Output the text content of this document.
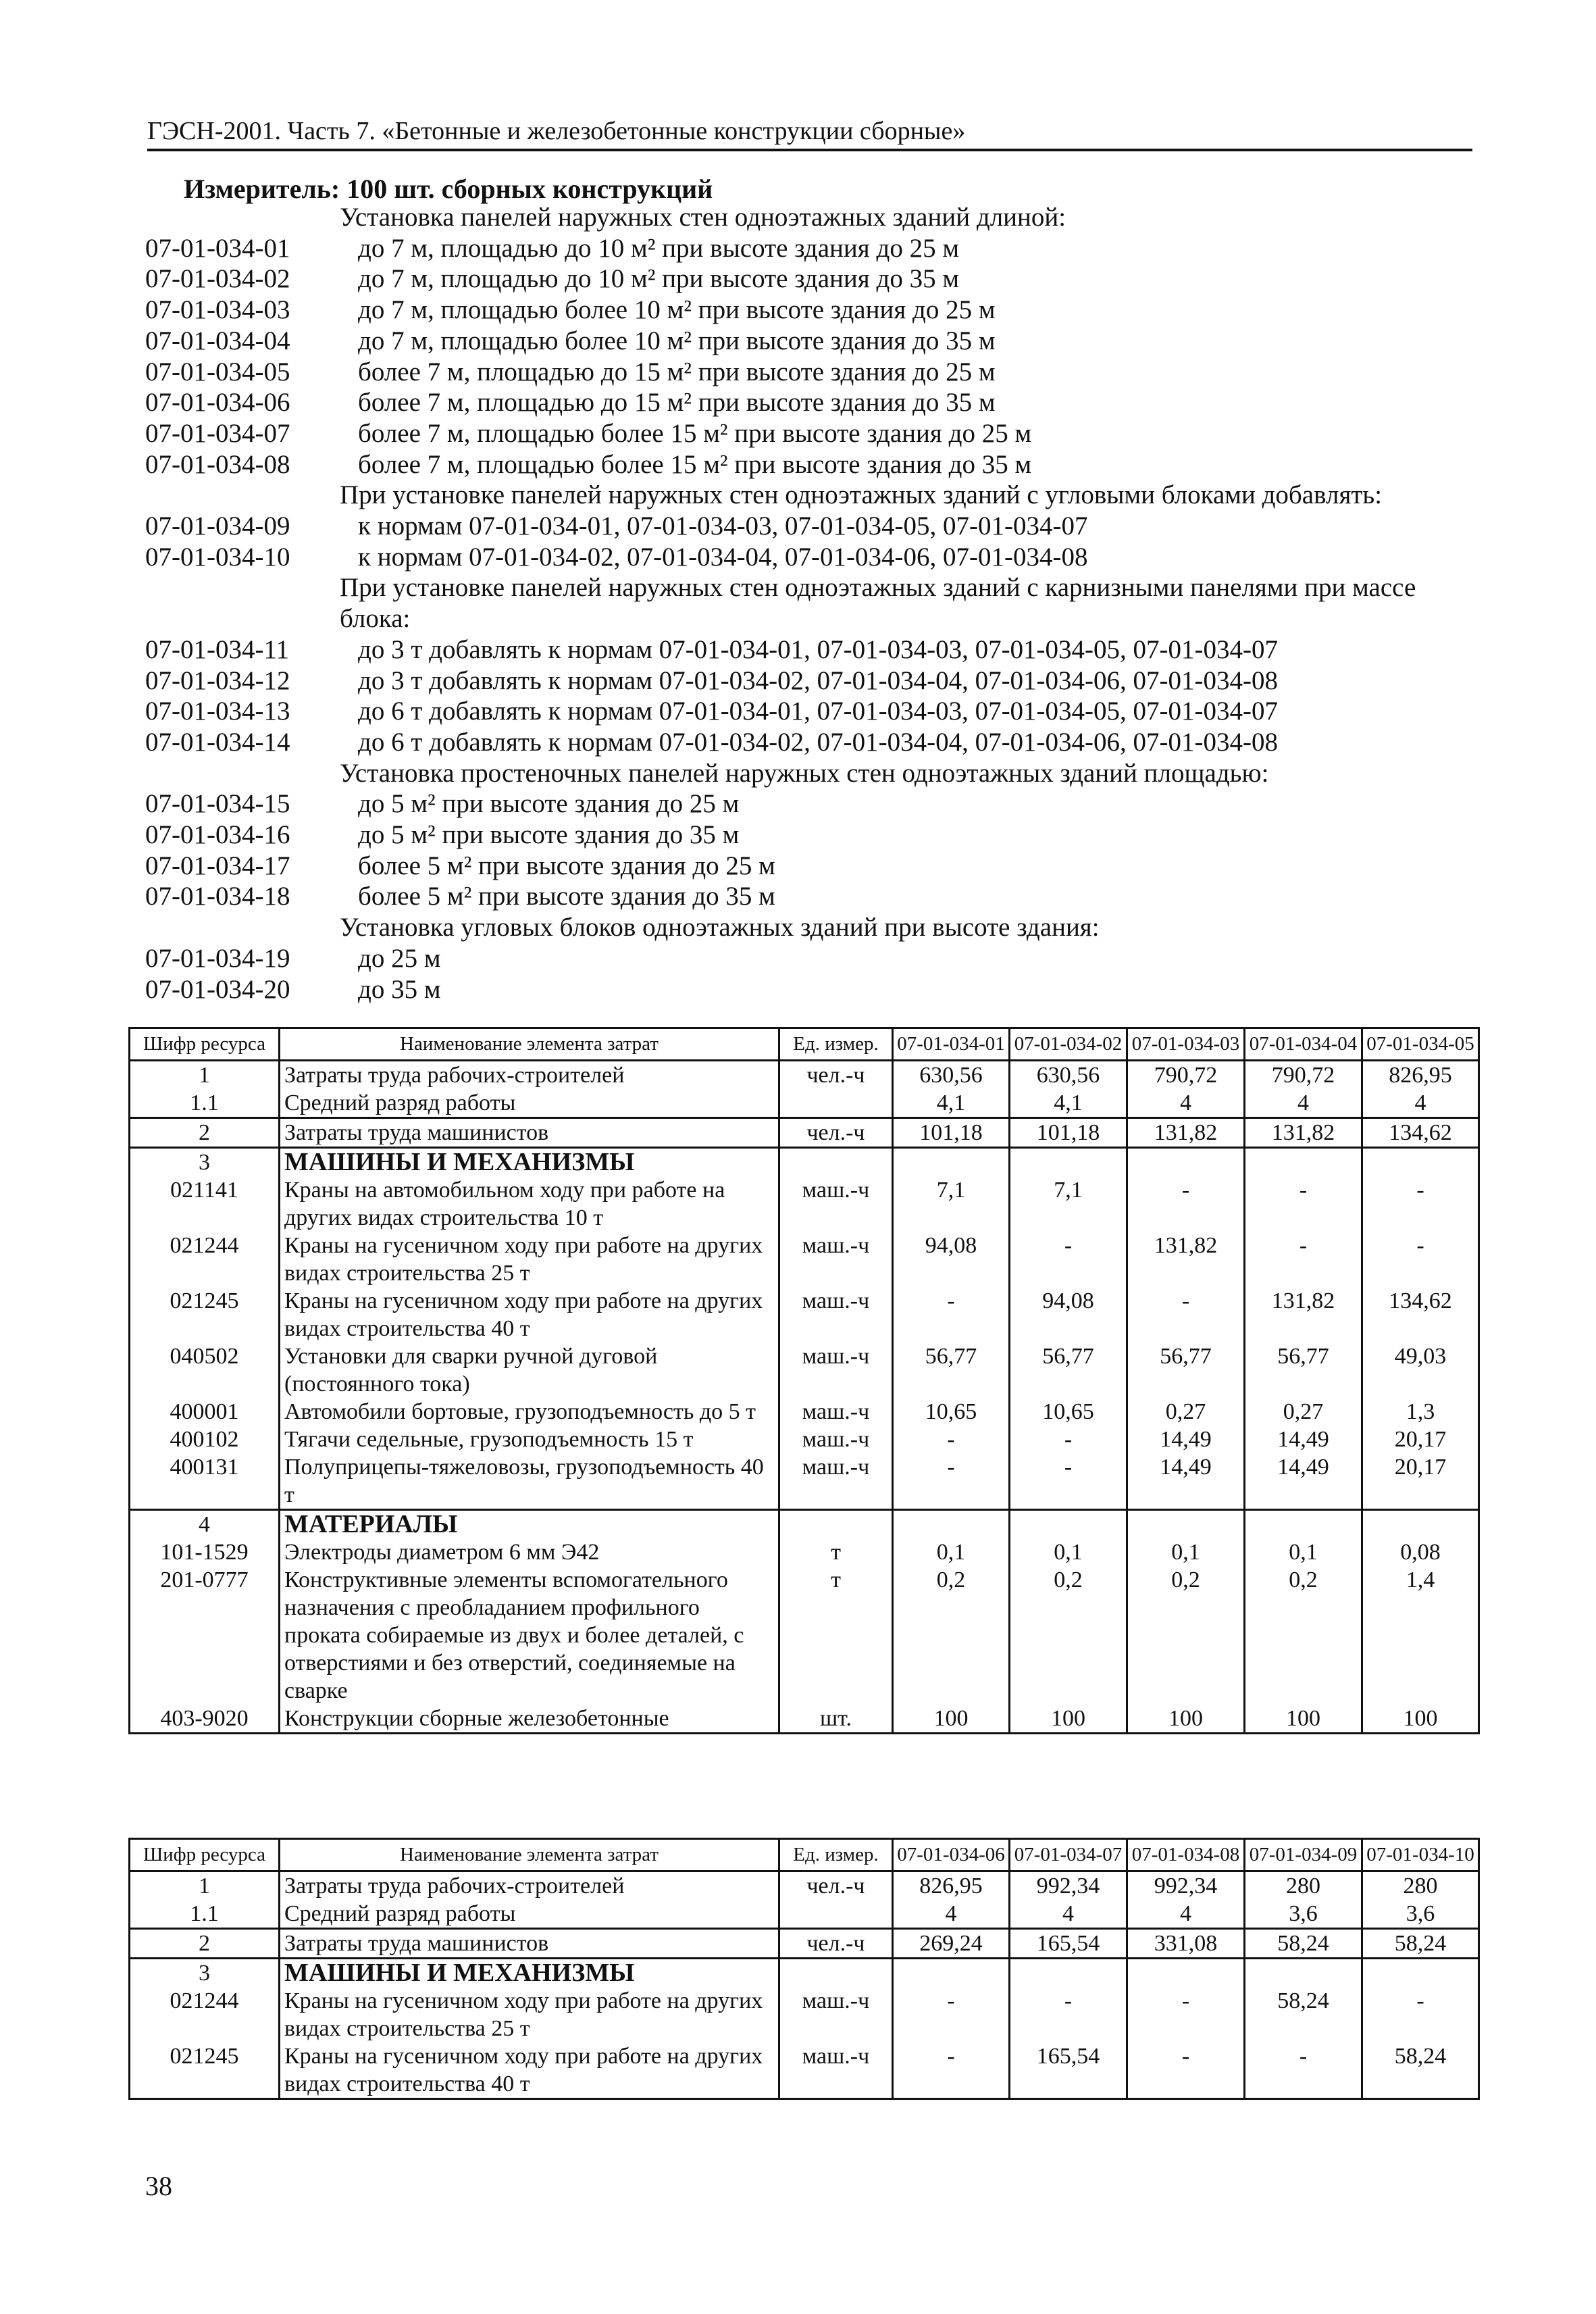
ГЭСН-2001. Часть 7. «Бетонные и железобетонные конструкции сборные»
Измеритель: 100 шт. сборных конструкций
Установка панелей наружных стен одноэтажных зданий длиной:
07-01-034-01	до 7 м, площадью до 10 м² при высоте здания до 25 м
07-01-034-02	до 7 м, площадью до 10 м² при высоте здания до 35 м
07-01-034-03	до 7 м, площадью более 10 м² при высоте здания до 25 м
07-01-034-04	до 7 м, площадью более 10 м² при высоте здания до 35 м
07-01-034-05	более 7 м, площадью до 15 м² при высоте здания до 25 м
07-01-034-06	более 7 м, площадью до 15 м² при высоте здания до 35 м
07-01-034-07	более 7 м, площадью более 15 м² при высоте здания до 25 м
07-01-034-08	более 7 м, площадью более 15 м² при высоте здания до 35 м
При установке панелей наружных стен одноэтажных зданий с угловыми блоками добавлять:
07-01-034-09	к нормам 07-01-034-01, 07-01-034-03, 07-01-034-05, 07-01-034-07
07-01-034-10	к нормам 07-01-034-02, 07-01-034-04, 07-01-034-06, 07-01-034-08
При установке панелей наружных стен одноэтажных зданий с карнизными панелями при массе
блока:
07-01-034-11	до 3 т добавлять к нормам 07-01-034-01, 07-01-034-03, 07-01-034-05, 07-01-034-07
07-01-034-12	до 3 т добавлять к нормам 07-01-034-02, 07-01-034-04, 07-01-034-06, 07-01-034-08
07-01-034-13	до 6 т добавлять к нормам 07-01-034-01, 07-01-034-03, 07-01-034-05, 07-01-034-07
07-01-034-14	до 6 т добавлять к нормам 07-01-034-02, 07-01-034-04, 07-01-034-06, 07-01-034-08
Установка простеночных панелей наружных стен одноэтажных зданий площадью:
07-01-034-15	до 5 м² при высоте здания до 25 м
07-01-034-16	до 5 м² при высоте здания до 35 м
07-01-034-17	более 5 м² при высоте здания до 25 м
07-01-034-18	более 5 м² при высоте здания до 35 м
Установка угловых блоков одноэтажных зданий при высоте здания:
07-01-034-19	до 25 м
07-01-034-20	до 35 м
Шифр ресурса	Наименование элемента затрат	Ед. измер.	07-01-034-01	07-01-034-02	07-01-034-03	07-01-034-04	07-01-034-05
1	Затраты труда рабочих-строителей	чел.-ч	630,56	630,56	790,72	790,72	826,95
1.1	Средний разряд работы		4,1	4,1	4	4	4
2	Затраты труда машинистов	чел.-ч	101,18	101,18	131,82	131,82	134,62
3	МАШИНЫ И МЕХАНИЗМЫ						
021141	Краны на автомобильном ходу при работе на других видах строительства 10 т	маш.-ч	7,1	7,1	-	-	-
021244	Краны на гусеничном ходу при работе на других видах строительства 25 т	маш.-ч	94,08	-	131,82	-	-
021245	Краны на гусеничном ходу при работе на других видах строительства 40 т	маш.-ч	-	94,08	-	131,82	134,62
040502	Установки для сварки ручной дуговой (постоянного тока)	маш.-ч	56,77	56,77	56,77	56,77	49,03
400001	Автомобили бортовые, грузоподъемность до 5 т	маш.-ч	10,65	10,65	0,27	0,27	1,3
400102	Тягачи седельные, грузоподъемность 15 т	маш.-ч	-	-	14,49	14,49	20,17
400131	Полуприцепы-тяжеловозы, грузоподъемность 40 т	маш.-ч	-	-	14,49	14,49	20,17
4	МАТЕРИАЛЫ						
101-1529	Электроды диаметром 6 мм Э42	т	0,1	0,1	0,1	0,1	0,08
201-0777	Конструктивные элементы вспомогательного назначения с преобладанием профильного проката собираемые из двух и более деталей, с отверстиями и без отверстий, соединяемые на сварке	т	0,2	0,2	0,2	0,2	1,4
403-9020	Конструкции сборные железобетонные	шт.	100	100	100	100	100
Шифр ресурса	Наименование элемента затрат	Ед. измер.	07-01-034-06	07-01-034-07	07-01-034-08	07-01-034-09	07-01-034-10
1	Затраты труда рабочих-строителей	чел.-ч	826,95	992,34	992,34	280	280
1.1	Средний разряд работы		4	4	4	3,6	3,6
2	Затраты труда машинистов	чел.-ч	269,24	165,54	331,08	58,24	58,24
3	МАШИНЫ И МЕХАНИЗМЫ						
021244	Краны на гусеничном ходу при работе на других видах строительства 25 т	маш.-ч	-	-	-	58,24	-
021245	Краны на гусеничном ходу при работе на других видах строительства 40 т	маш.-ч	-	165,54	-	-	58,24
38
